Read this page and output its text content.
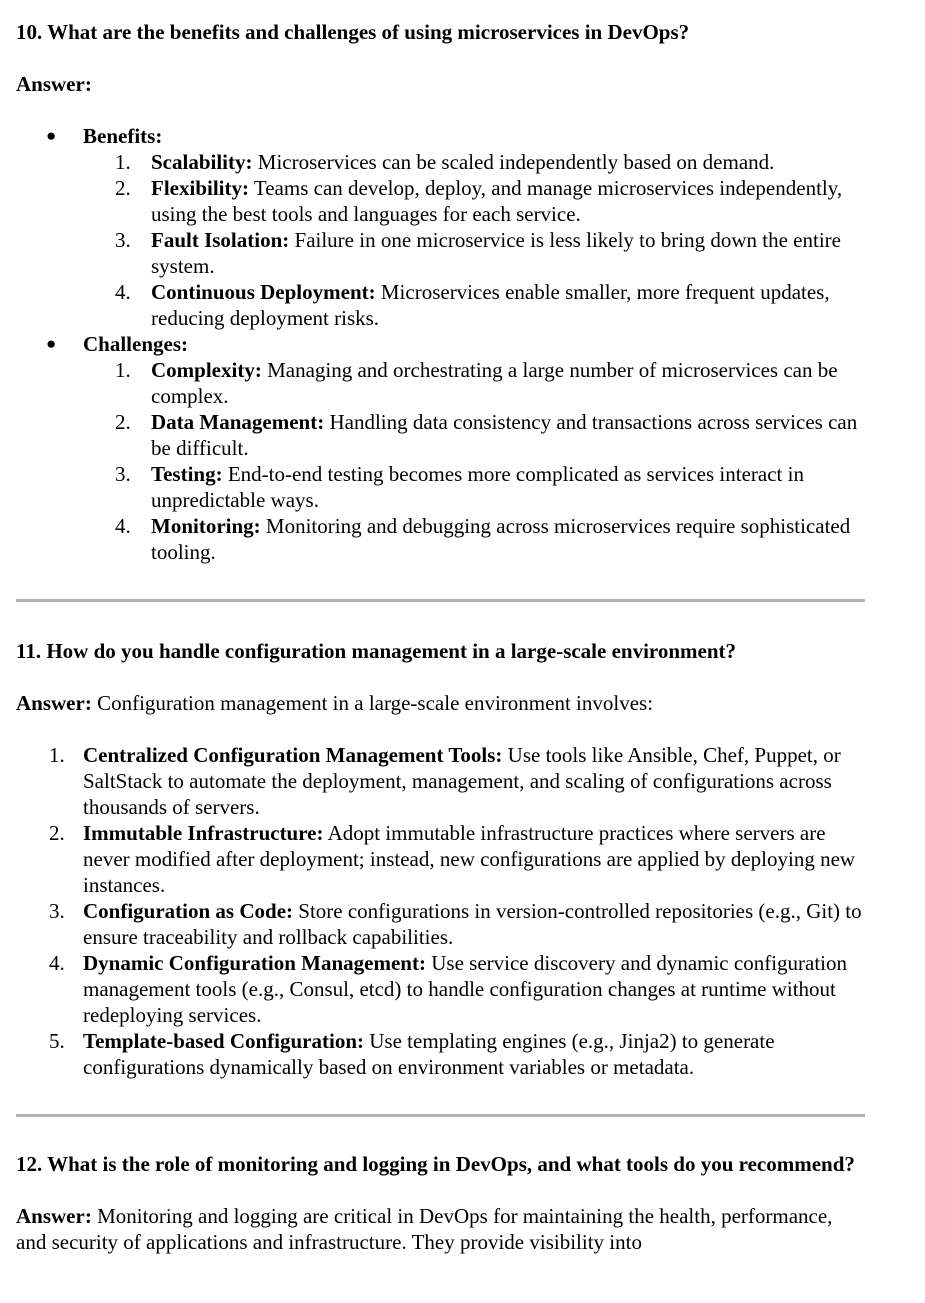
10. What are the benefits and challenges of using microservices in DevOps?

Answer:

● Benefits:
1. Scalability: Microservices can be scaled independently based on demand.
2. Flexibility: Teams can develop, deploy, and manage microservices independently, using the best tools and languages for each service.
3. Fault Isolation: Failure in one microservice is less likely to bring down the entire system.
4. Continuous Deployment: Microservices enable smaller, more frequent updates, reducing deployment risks.
● Challenges:
1. Complexity: Managing and orchestrating a large number of microservices can be complex.
2. Data Management: Handling data consistency and transactions across services can be difficult.
3. Testing: End-to-end testing becomes more complicated as services interact in unpredictable ways.
4. Monitoring: Monitoring and debugging across microservices require sophisticated tooling.
11. How do you handle configuration management in a large-scale environment?

Answer: Configuration management in a large-scale environment involves:

1. Centralized Configuration Management Tools: Use tools like Ansible, Chef, Puppet, or SaltStack to automate the deployment, management, and scaling of configurations across thousands of servers.
2. Immutable Infrastructure: Adopt immutable infrastructure practices where servers are never modified after deployment; instead, new configurations are applied by deploying new instances.
3. Configuration as Code: Store configurations in version-controlled repositories (e.g., Git) to ensure traceability and rollback capabilities.
4. Dynamic Configuration Management: Use service discovery and dynamic configuration management tools (e.g., Consul, etcd) to handle configuration changes at runtime without redeploying services.
5. Template-based Configuration: Use templating engines (e.g., Jinja2) to generate configurations dynamically based on environment variables or metadata.
12. What is the role of monitoring and logging in DevOps, and what tools do you recommend?

Answer: Monitoring and logging are critical in DevOps for maintaining the health, performance, and security of applications and infrastructure. They provide visibility into
